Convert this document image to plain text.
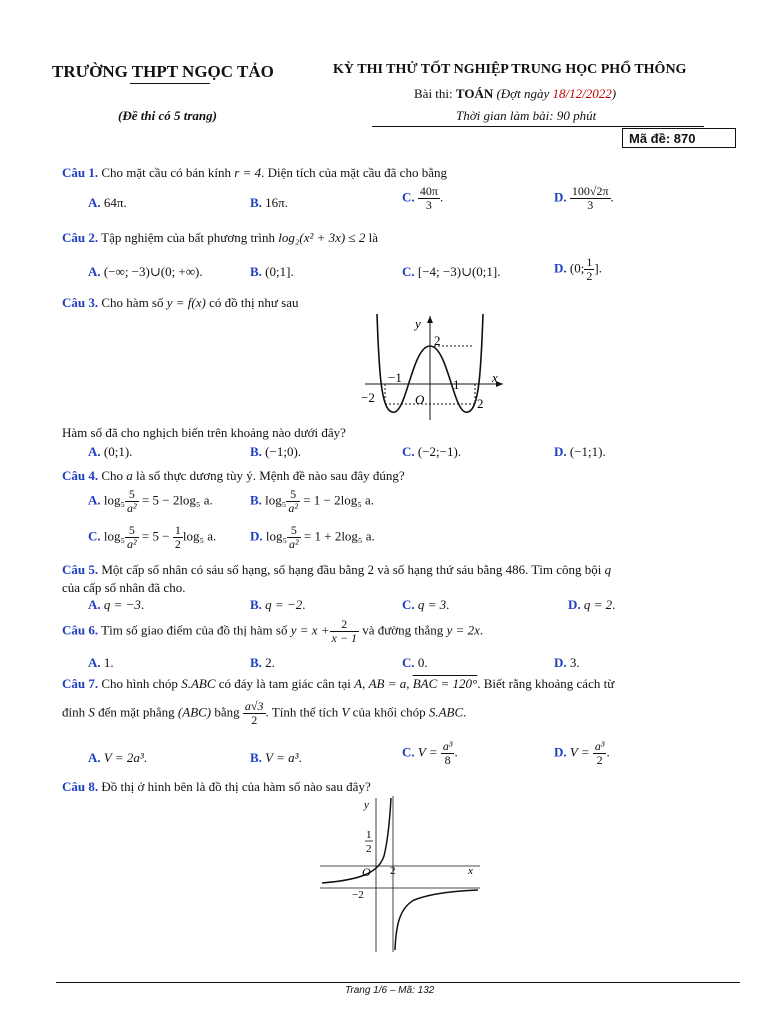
TRƯỜNG THPT NGỌC TẢO
(Đề thi có 5 trang)
KỲ THI THỬ TỐT NGHIỆP TRUNG HỌC PHỔ THÔNG
Bài thi: TOÁN (Đợt ngày 18/12/2022)
Thời gian làm bài: 90 phút
Mã đề: 870
Câu 1. Cho mặt cầu có bán kính r = 4. Diện tích của mặt cầu đã cho bằng
A. 64π.	B. 16π.	C. $\frac{40\pi}{3}$ .	D. $\frac{100√2\pi}{3}$ .
Câu 2. Tập nghiệm của bất phương trình log₂(x² + 3x) ≤ 2 là
A. (−∞; −3)∪(0; +∞).	B. (0;1].	C. [−4; −3)∪(0;1].	D. (0; $\frac{1}{2}$ ].
Câu 3. Cho hàm số y = f(x) có đồ thị như sau
y
x
2
−1	1
−2	O	2
Hàm số đã cho nghịch biến trên khoảng nào dưới đây?
A. (0;1).	B. (−1;0).	C. (−2;−1).	D. (−1;1).
Câu 4. Cho a là số thực dương tùy ý. Mệnh đề nào sau đây đúng?
A. $\log_5 \frac{5}{\text{a²}} = 5 - 2\log_5$ a.	B. $\log_5 \frac{5}{\text{a²}} = 1 - 2\log_5$ a.
C. $\log_5 \frac{5}{\text{a²}} = 5 - \frac{1}{2} \log_5$ a.	D. $\log_5 \frac{5}{\text{a²}} = 1 + 2\log_5$ a.
Câu 5. Một cấp số nhân có sáu số hạng, số hạng đầu bằng 2 và số hạng thứ sáu bằng 486. Tìm công bội q
của cấp số nhân đã cho.
A. q = −3.	B. q = −2.	C. q = 3.	D. q = 2.
Câu 6. Tìm số giao điểm của đồ thị hàm số $y = x + \frac{2}{x - 1}$ và đường thẳng y = 2x.
A. 1.	B. 2.	C. 0.	D. 3.
Câu 7. Cho hình chóp S.ABC có đáy là tam giác cân tại A, AB = a, BAC = 120°. Biết rằng khoảng cách từ
đỉnh S đến mặt phẳng (ABC) bằng $\frac{a√3}{2}$ . Tính thể tích V của khối chóp S.ABC.
A. V = 2a³.	B. V = a³.	C. $V = \frac{\text{a³}}{8}$ .	D. $V = \frac{\text{a³}}{2}$ .
Câu 8. Đồ thị ở hình bên là đồ thị của hàm số nào sau đây?
y
x
1
2
O 2
−2
Trang 1/6 – Mã: 132
